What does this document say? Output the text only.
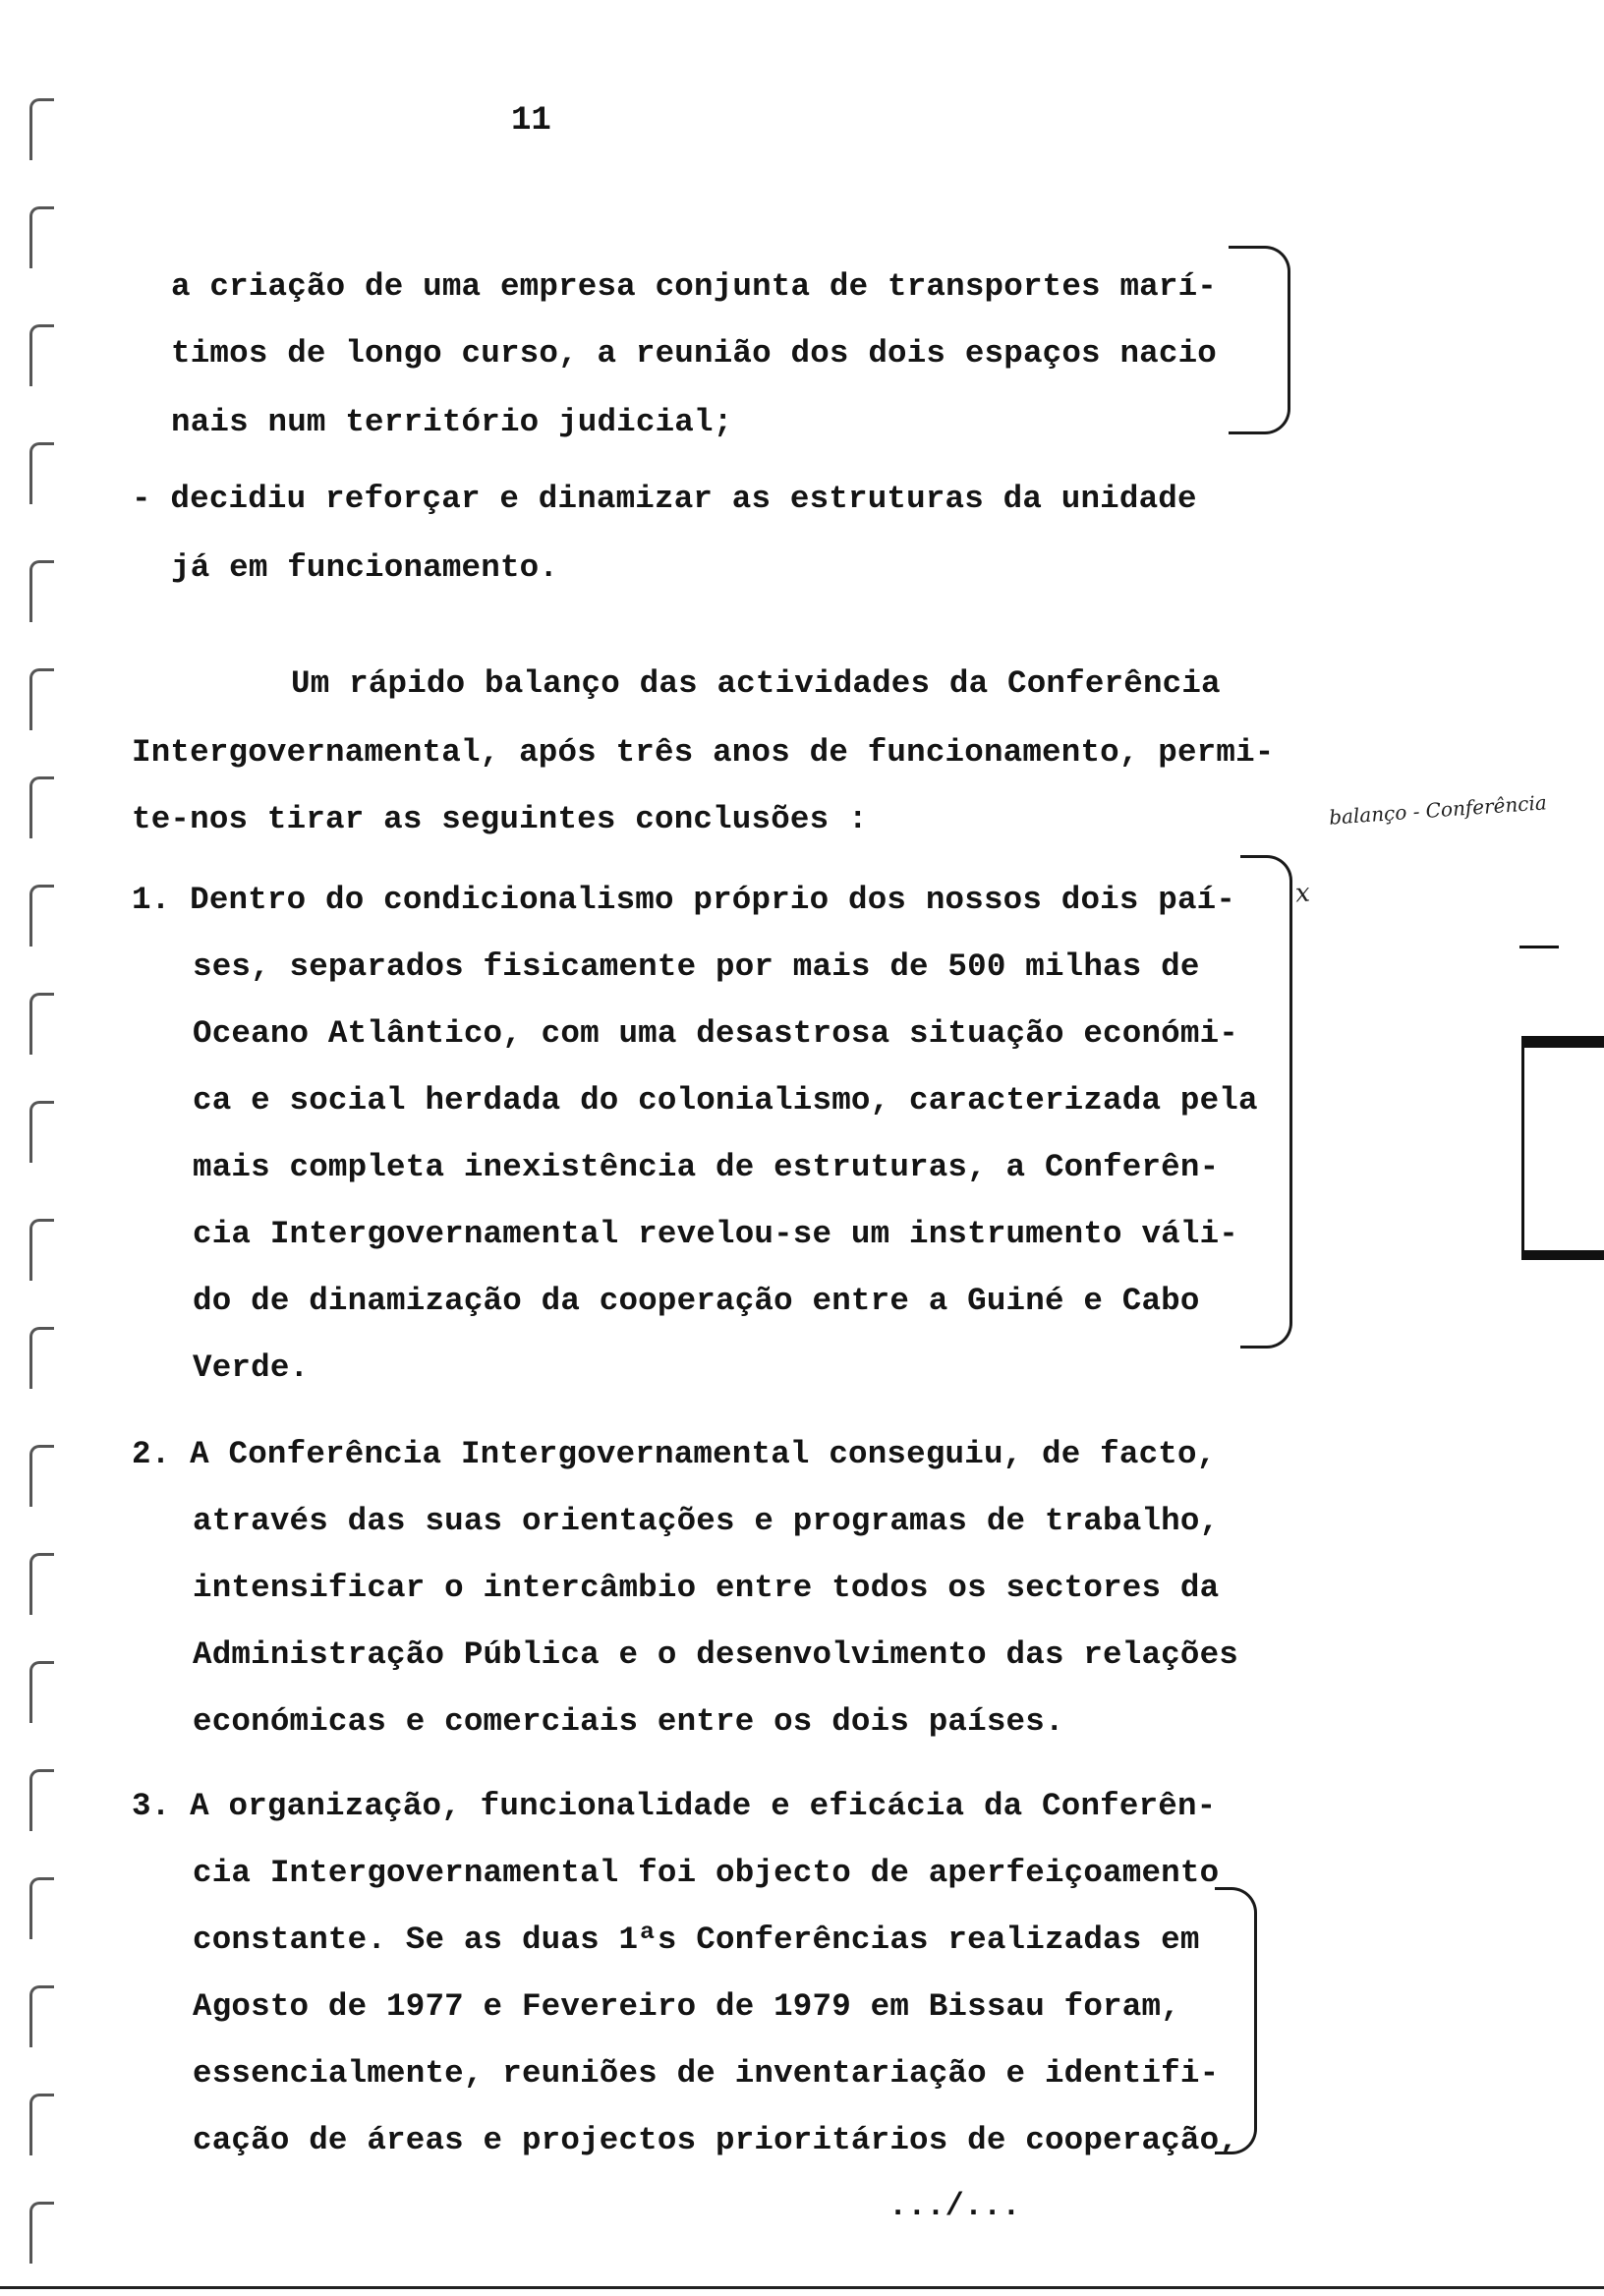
11
a criação de uma empresa conjunta de transportes marí-
timos de longo curso, a reunião dos dois espaços nacio
nais num território judicial;
- decidiu reforçar e dinamizar as estruturas da unidade
já em funcionamento.
Um rápido balanço das actividades da Conferência
Intergovernamental, após três anos de funcionamento, permi-
te-nos tirar as seguintes conclusões :
1. Dentro do condicionalismo próprio dos nossos dois paí-
ses, separados fisicamente por mais de 500 milhas de
Oceano Atlântico, com uma desastrosa situação económi-
ca e social herdada do colonialismo, caracterizada pela
mais completa inexistência de estruturas, a Conferên-
cia Intergovernamental revelou-se um instrumento váli-
do de dinamização da cooperação entre a Guiné e Cabo
Verde.
2. A Conferência Intergovernamental conseguiu, de facto,
através das suas orientações e programas de trabalho,
intensificar o intercâmbio entre todos os sectores da
Administração Pública e o desenvolvimento das relações
económicas e comerciais entre os dois países.
3. A organização, funcionalidade e eficácia da Conferên-
cia Intergovernamental foi objecto de aperfeiçoamento
constante. Se as duas 1ªs Conferências realizadas em
Agosto de 1977 e Fevereiro de 1979 em Bissau foram,
essencialmente, reuniões de inventariação e identifi-
cação de áreas e projectos prioritários de cooperação,
.../...
balanço - Conferência
x
